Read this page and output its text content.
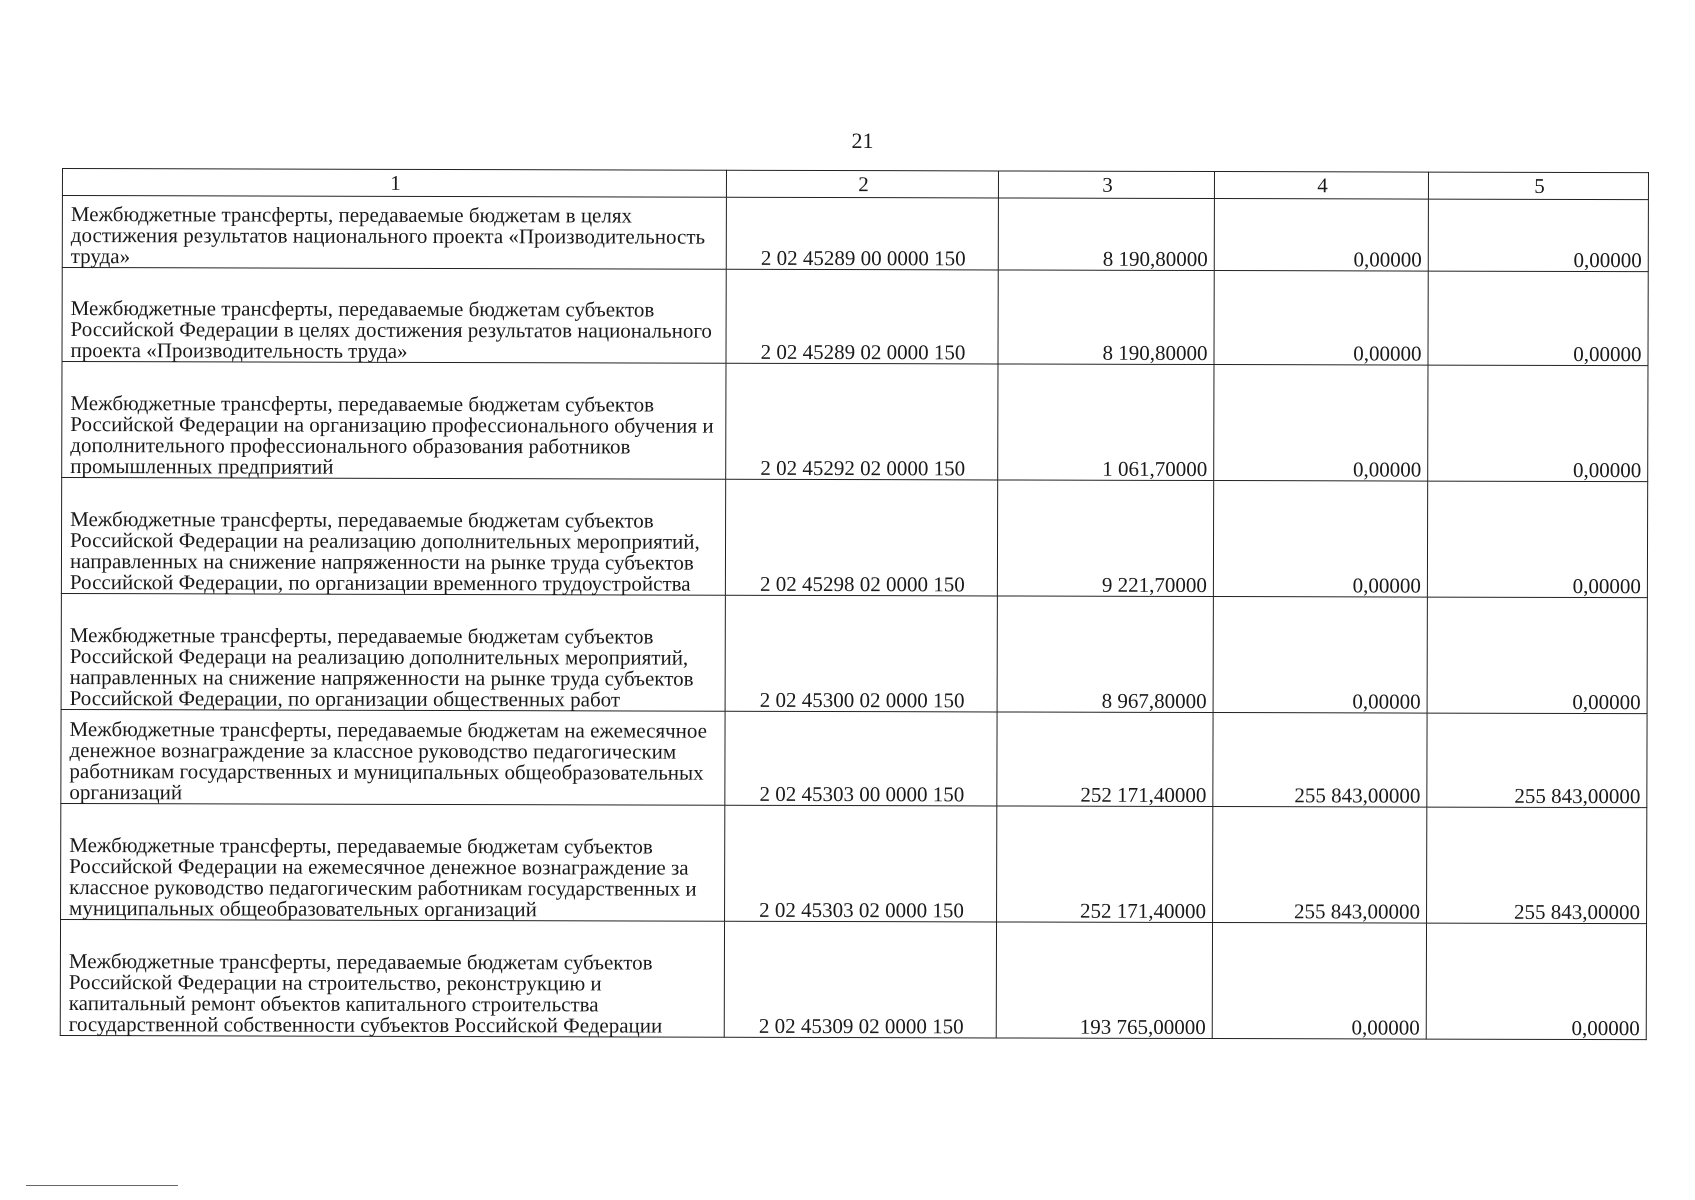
21
1	2	3	4	5
Межбюджетные трансферты, передаваемые бюджетам в целях достижения результатов национального проекта «Производительность труда»	2 02 45289 00 0000 150	8 190,80000	0,00000	0,00000
Межбюджетные трансферты, передаваемые бюджетам субъектов Российской Федерации в целях достижения результатов национального проекта «Производительность труда»	2 02 45289 02 0000 150	8 190,80000	0,00000	0,00000
Межбюджетные трансферты, передаваемые бюджетам субъектов Российской Федерации на организацию профессионального обучения и дополнительного профессионального образования работников промышленных предприятий	2 02 45292 02 0000 150	1 061,70000	0,00000	0,00000
Межбюджетные трансферты, передаваемые бюджетам субъектов Российской Федерации на реализацию дополнительных мероприятий, направленных на снижение напряженности на рынке труда субъектов Российской Федерации, по организации временного трудоустройства	2 02 45298 02 0000 150	9 221,70000	0,00000	0,00000
Межбюджетные трансферты, передаваемые бюджетам субъектов Российской Федераци на реализацию дополнительных мероприятий, направленных на снижение напряженности на рынке труда субъектов Российской Федерации, по организации общественных работ	2 02 45300 02 0000 150	8 967,80000	0,00000	0,00000
Межбюджетные трансферты, передаваемые бюджетам на ежемесячное денежное вознаграждение за классное руководство педагогическим работникам государственных и муниципальных общеобразовательных организаций	2 02 45303 00 0000 150	252 171,40000	255 843,00000	255 843,00000
Межбюджетные трансферты, передаваемые бюджетам субъектов Российской Федерации на ежемесячное денежное вознаграждение за классное руководство педагогическим работникам государственных и муниципальных общеобразовательных организаций	2 02 45303 02 0000 150	252 171,40000	255 843,00000	255 843,00000
Межбюджетные трансферты, передаваемые бюджетам субъектов Российской Федерации на строительство, реконструкцию и капитальный ремонт объектов капитального строительства государственной собственности субъектов Российской Федерации	2 02 45309 02 0000 150	193 765,00000	0,00000	0,00000
